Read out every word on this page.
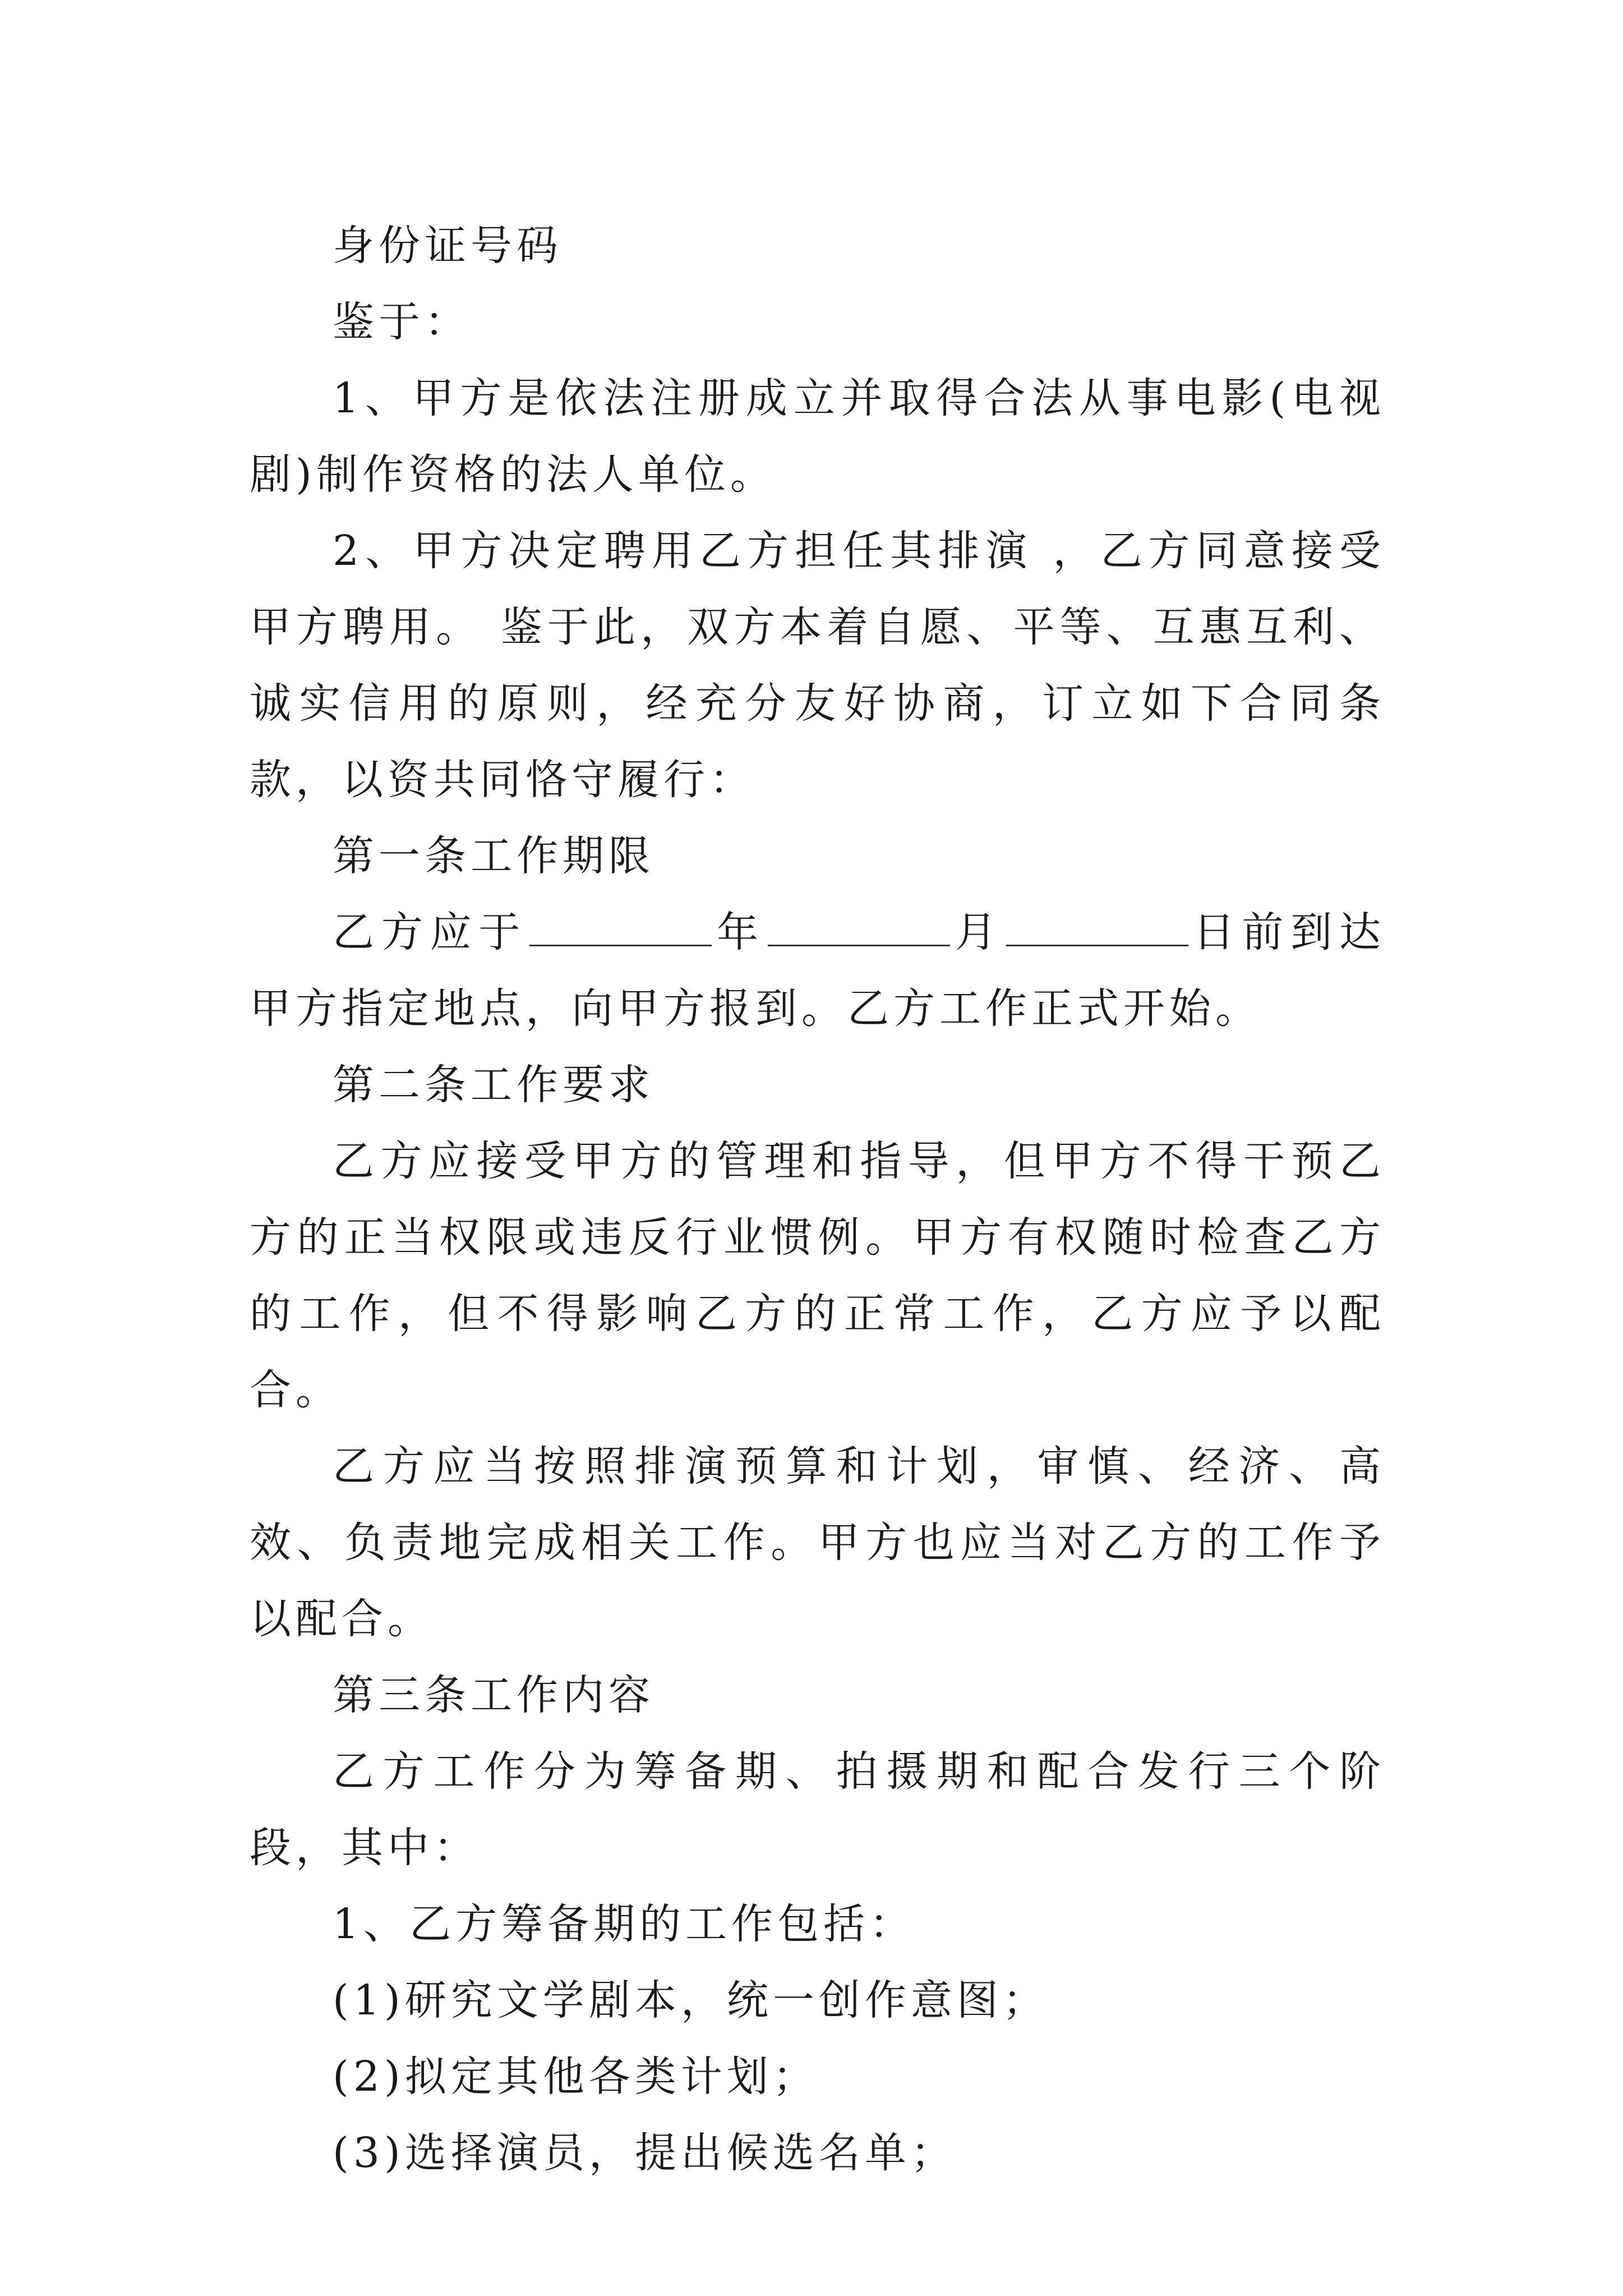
身份证号码

鉴于：

1、甲方是依法注册成立并取得合法从事电影(电视剧)制作资格的法人单位。

2、甲方决定聘用乙方担任其排演 ，乙方同意接受甲方聘用。 鉴于此，双方本着自愿、平等、互惠互利、诚实信用的原则，经充分友好协商，订立如下合同条款，以资共同恪守履行：

第一条工作期限

乙方应于	年	月	日前到达甲方指定地点，向甲方报到。乙方工作正式开始。

第二条工作要求

乙方应接受甲方的管理和指导，但甲方不得干预乙方的正当权限或违反行业惯例。甲方有权随时检查乙方的工作，但不得影响乙方的正常工作，乙方应予以配合。

乙方应当按照排演预算和计划，审慎、经济、高效、负责地完成相关工作。甲方也应当对乙方的工作予以配合。

第三条工作内容

乙方工作分为筹备期、拍摄期和配合发行三个阶段，其中：

1、乙方筹备期的工作包括：

(1)研究文学剧本，统一创作意图；

(2)拟定其他各类计划；

(3)选择演员，提出候选名单；
